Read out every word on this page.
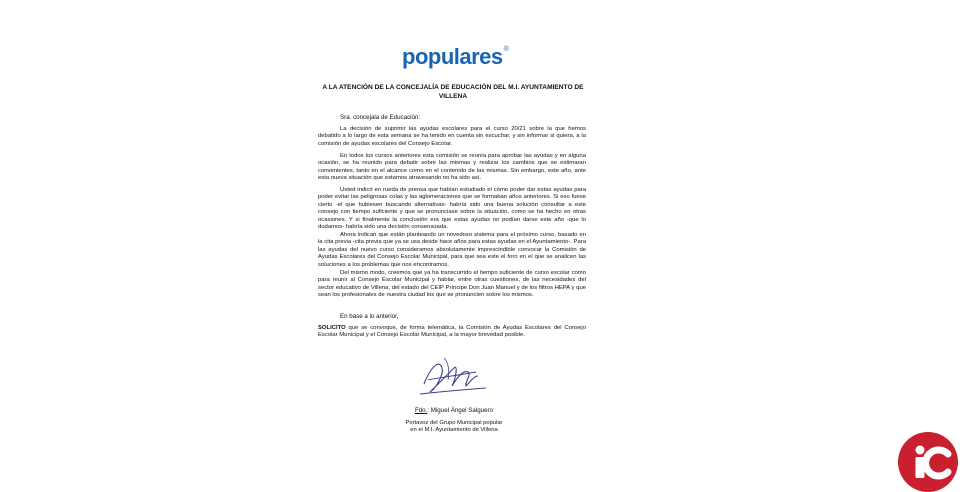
populares ®
A LA ATENCIÓN DE LA CONCEJALÍA DE EDUCACIÓN DEL M.I. AYUNTAMIENTO DE VILLENA
Sra. concejala de Educación:

La decisión de suprimir las ayudas escolares para el curso 20/21 sobre la que hemos debatido a lo largo de esta semana se ha tenido en cuenta sin escuchar, y sin informar si quiera, a la comisión de ayudas escolares del Consejo Escolar.

En todos los cursos anteriores esta comisión se reunía para aprobar las ayudas y en alguna ocasión, se ha reunido para debatir sobre las mismas y realizar los cambios que se estimaran convenientes, tanto en el alcance como en el contenido de las mismas. Sin embargo, este año, ante esta nueva situación que estamos atravesando no ha sido así.

Usted indicó en rueda de prensa que habían estudiado el cómo poder dar estas ayudas para poder evitar las peligrosas colas y las aglomeraciones que se formaban años anteriores. Si eso fuese cierto -el que hubiesen buscando alternativas- habría sido una buena solución consultar a este consejo con tiempo suficiente y que se pronunciase sobre la situación, como se ha hecho en otras ocasiones. Y si finalmente la conclusión era que estas ayudas no podían darse este año -que lo dudamos- habría sido una decisión consensuada.

Ahora indican que están planteando un novedoso sistema para el próximo curso, basado en la cita previa -cita previa que ya se usa desde hace años para estas ayudas en el Ayuntamiento-. Para las ayudas del nuevo curso consideramos absolutamente imprescindible convocar la Comisión de Ayudas Escolares del Consejo Escolar Municipal, para que sea este el foro en el que se analicen las soluciones a los problemas que nos encontramos.

Del mismo modo, creemos que ya ha transcurrido el tiempo suficiente de curso escolar como para reunir al Consejo Escolar Municipal y hablar, entre otras cuestiones, de las necesidades del sector educativo de Villena, del estado del CEIP Príncipe Don Juan Manuel y de los filtros HEPA y que sean los profesionales de nuestra ciudad los que se pronuncien sobre los mismos.

En base a lo anterior,

SOLICITO que se convoque, de forma telemática, la Comisión de Ayudas Escolares del Consejo Escolar Municipal y el Consejo Escolar Municipal, a la mayor brevedad posible.

Fdo.: Miguel Ángel Salguero
Portavoz del Grupo Municipal popular
en el M.I. Ayuntamiento de Villena
